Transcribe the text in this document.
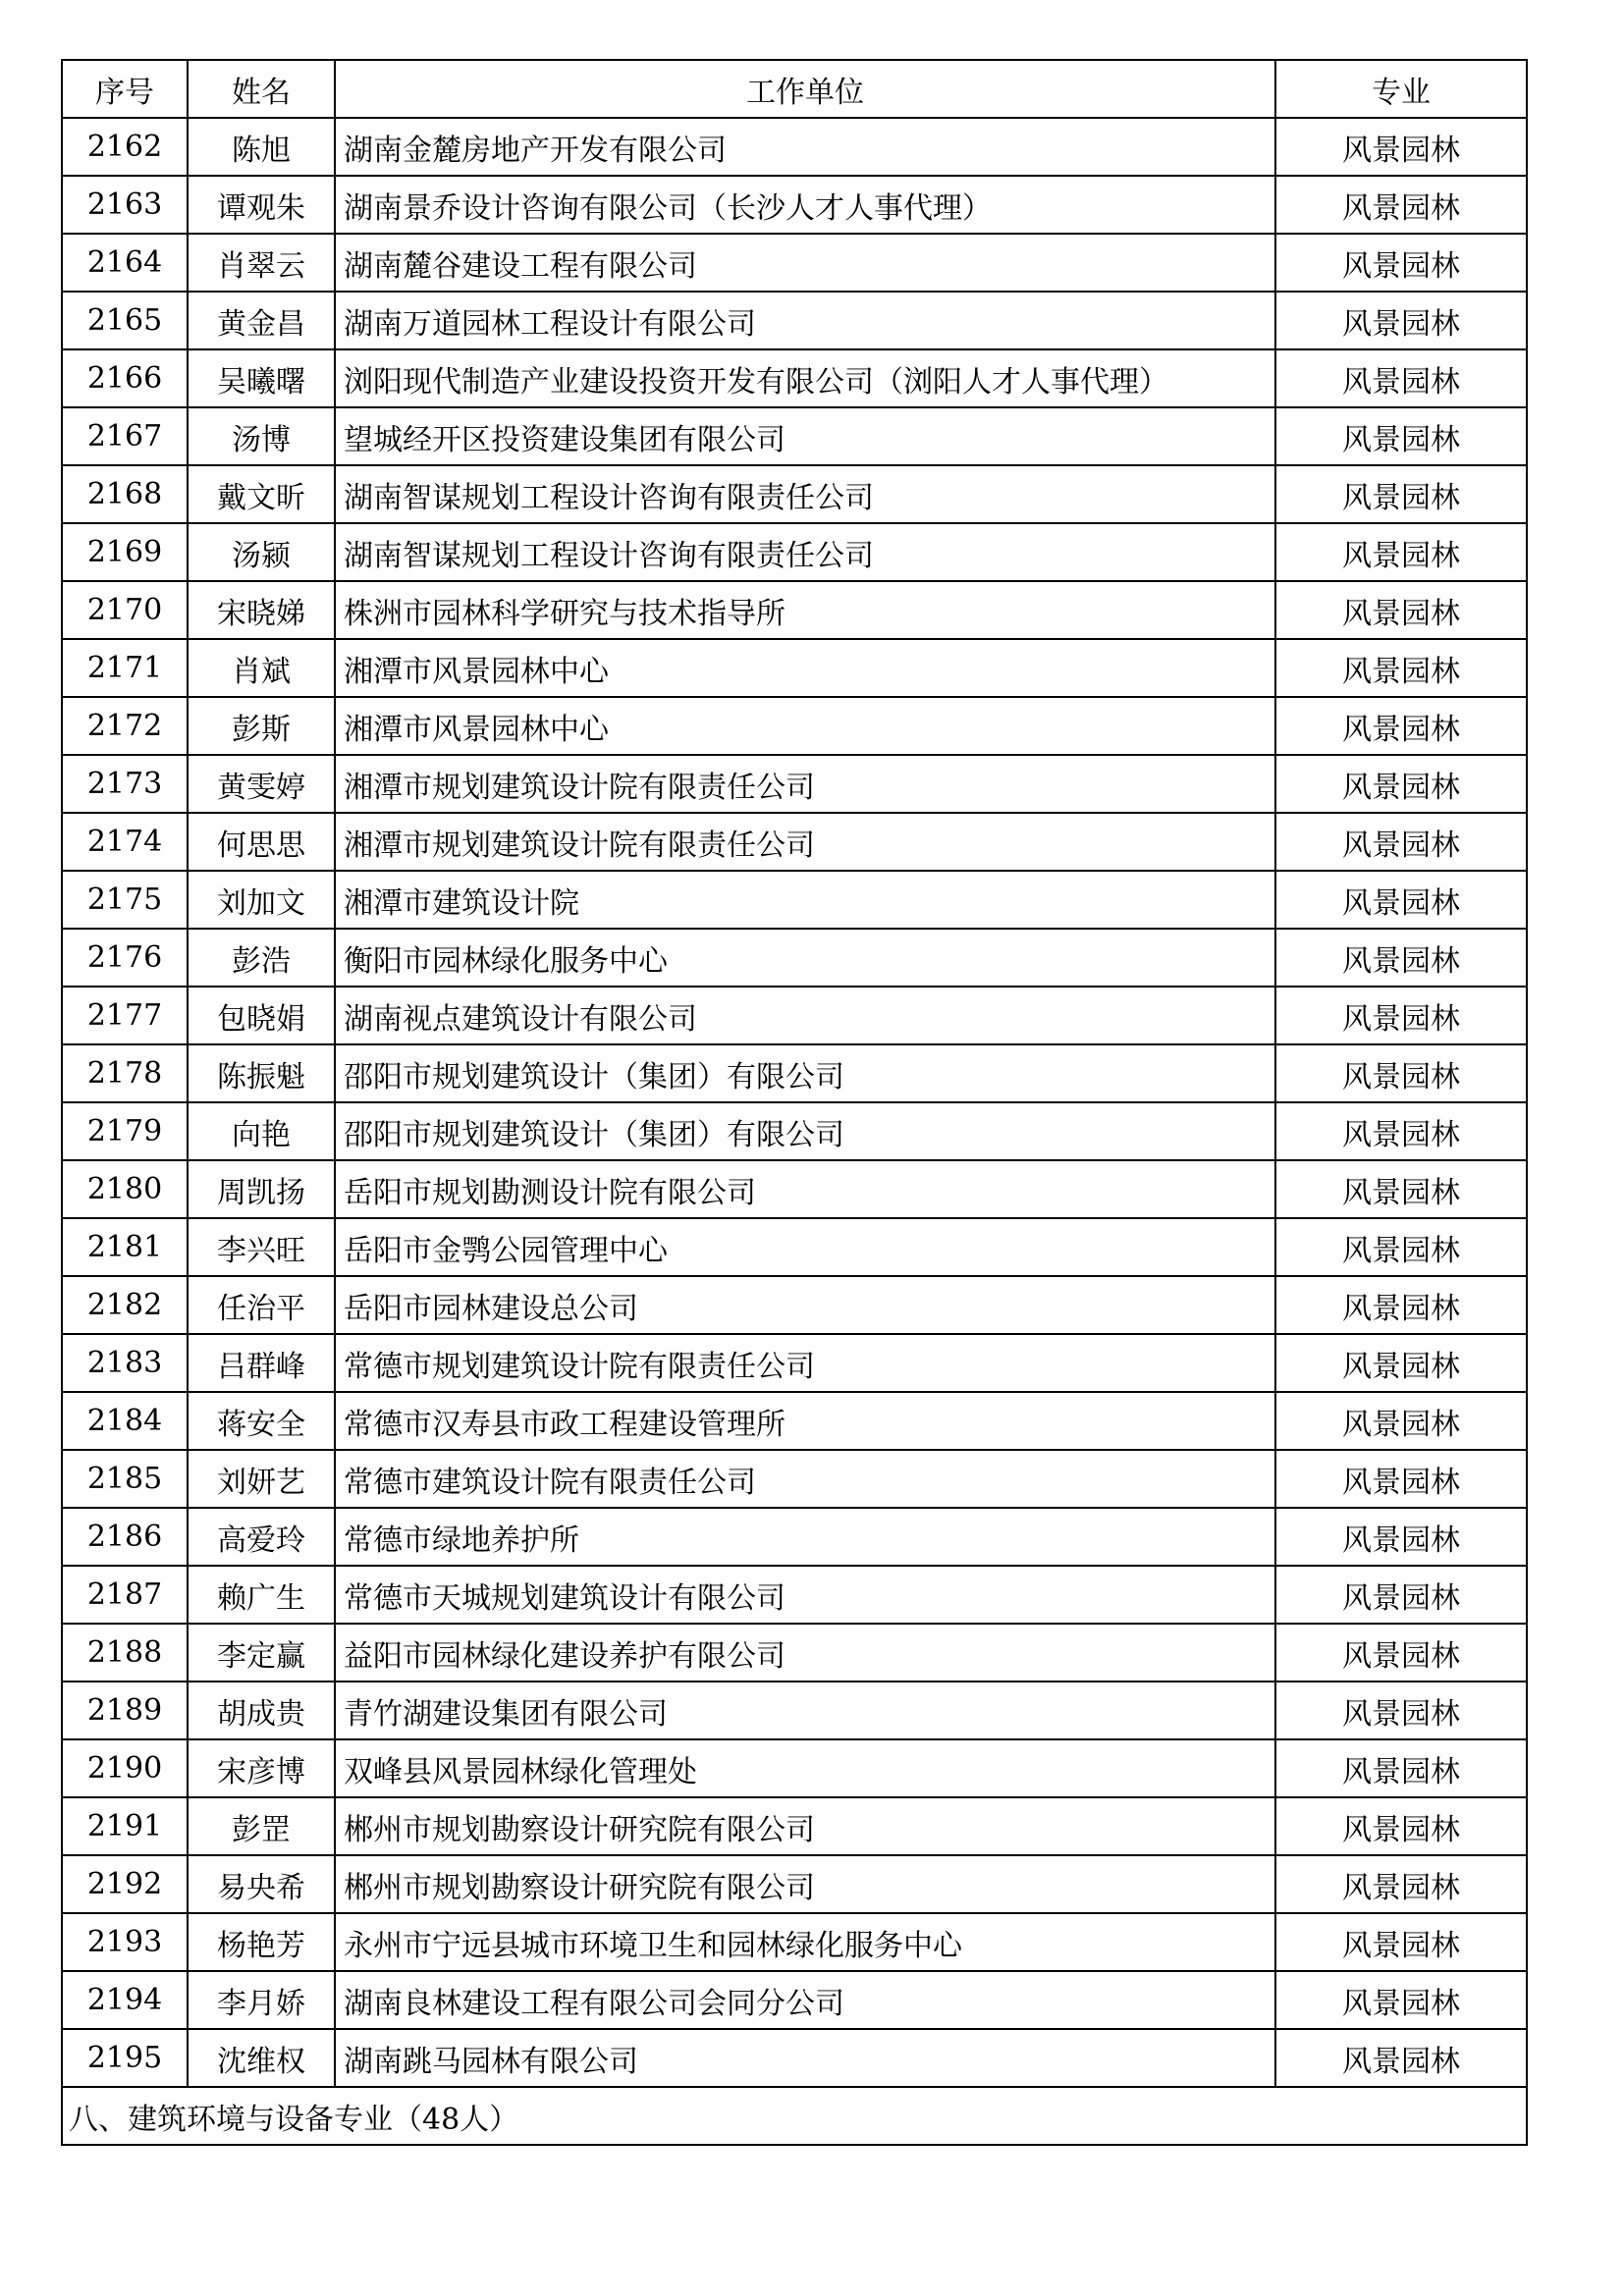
序号	姓名	工作单位	专业
2162	陈旭	湖南金麓房地产开发有限公司	风景园林
2163	谭观朱	湖南景乔设计咨询有限公司（长沙人才人事代理）	风景园林
2164	肖翠云	湖南麓谷建设工程有限公司	风景园林
2165	黄金昌	湖南万道园林工程设计有限公司	风景园林
2166	吴曦曙	浏阳现代制造产业建设投资开发有限公司（浏阳人才人事代理）	风景园林
2167	汤博	望城经开区投资建设集团有限公司	风景园林
2168	戴文昕	湖南智谋规划工程设计咨询有限责任公司	风景园林
2169	汤颍	湖南智谋规划工程设计咨询有限责任公司	风景园林
2170	宋晓娣	株洲市园林科学研究与技术指导所	风景园林
2171	肖斌	湘潭市风景园林中心	风景园林
2172	彭斯	湘潭市风景园林中心	风景园林
2173	黄雯婷	湘潭市规划建筑设计院有限责任公司	风景园林
2174	何思思	湘潭市规划建筑设计院有限责任公司	风景园林
2175	刘加文	湘潭市建筑设计院	风景园林
2176	彭浩	衡阳市园林绿化服务中心	风景园林
2177	包晓娟	湖南视点建筑设计有限公司	风景园林
2178	陈振魁	邵阳市规划建筑设计（集团）有限公司	风景园林
2179	向艳	邵阳市规划建筑设计（集团）有限公司	风景园林
2180	周凯扬	岳阳市规划勘测设计院有限公司	风景园林
2181	李兴旺	岳阳市金鹗公园管理中心	风景园林
2182	任治平	岳阳市园林建设总公司	风景园林
2183	吕群峰	常德市规划建筑设计院有限责任公司	风景园林
2184	蒋安全	常德市汉寿县市政工程建设管理所	风景园林
2185	刘妍艺	常德市建筑设计院有限责任公司	风景园林
2186	高爱玲	常德市绿地养护所	风景园林
2187	赖广生	常德市天城规划建筑设计有限公司	风景园林
2188	李定赢	益阳市园林绿化建设养护有限公司	风景园林
2189	胡成贵	青竹湖建设集团有限公司	风景园林
2190	宋彦博	双峰县风景园林绿化管理处	风景园林
2191	彭罡	郴州市规划勘察设计研究院有限公司	风景园林
2192	易央希	郴州市规划勘察设计研究院有限公司	风景园林
2193	杨艳芳	永州市宁远县城市环境卫生和园林绿化服务中心	风景园林
2194	李月娇	湖南良林建设工程有限公司会同分公司	风景园林
2195	沈维权	湖南跳马园林有限公司	风景园林
八、建筑环境与设备专业（48人）			
